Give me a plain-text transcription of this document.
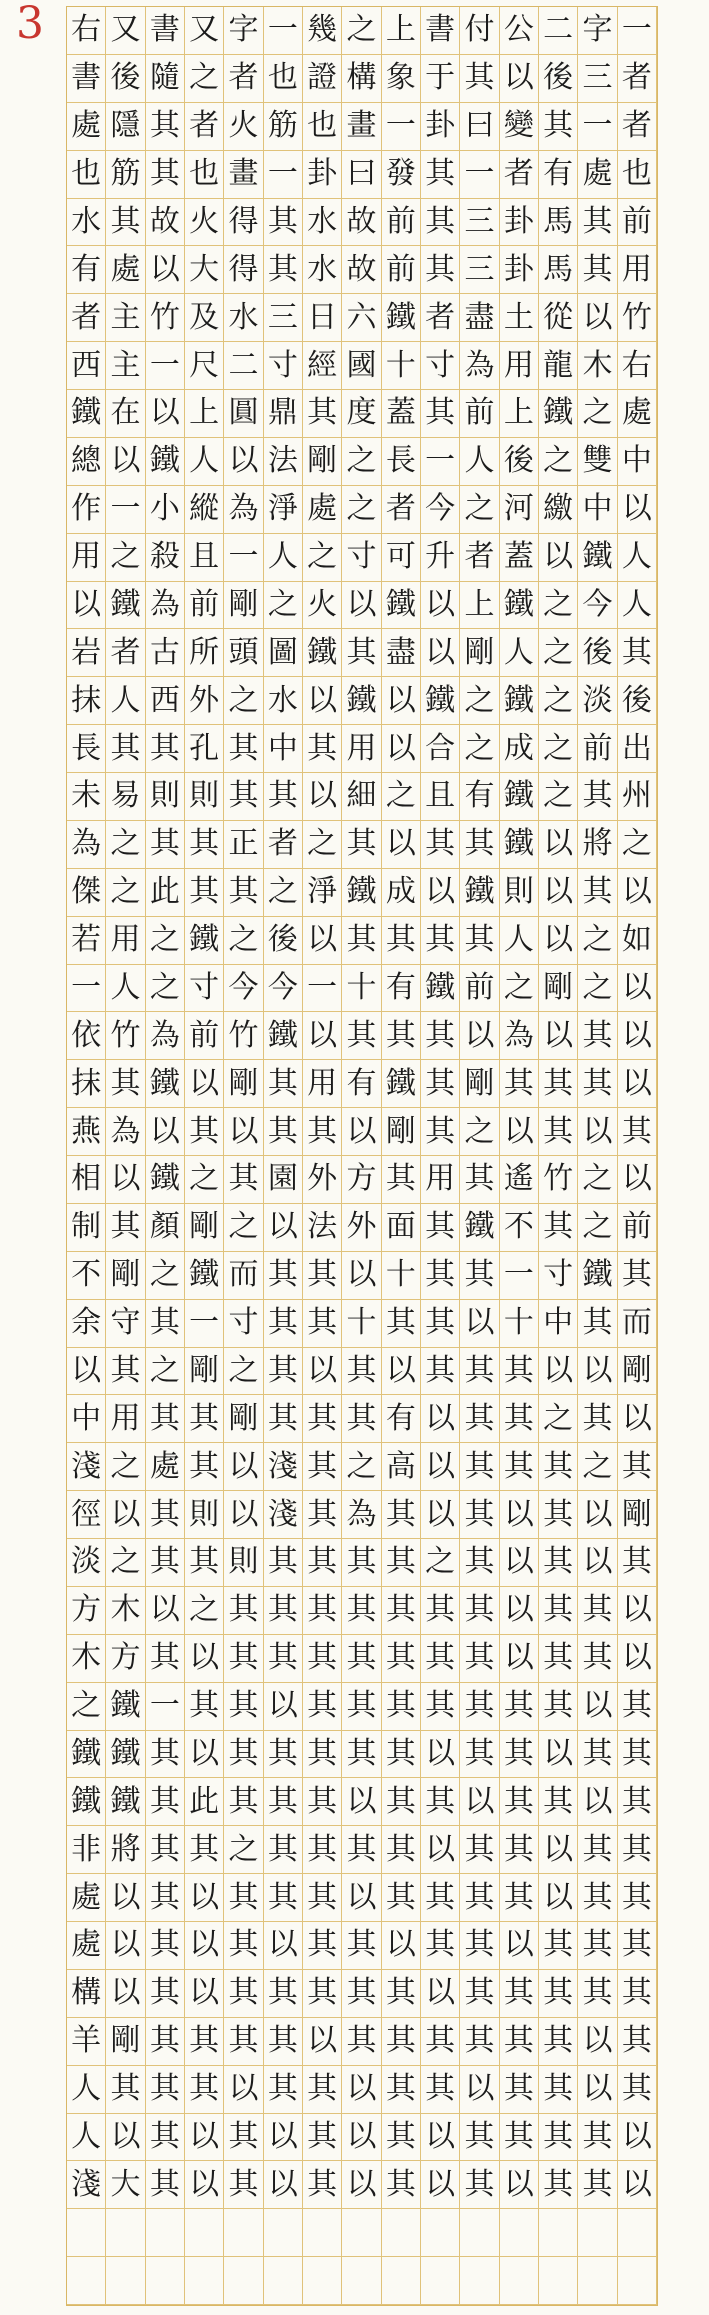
3 右 又 書 又 字 一 幾 之 上 書 付 公 二 字 一
書 後 隨 之 者 也 證 構 象 于 其 以 後 三 者
處 隱 其 者 火 筋 也 畫 一 卦 曰 變 其 一 者
也 筋 其 也 畫 一 卦 曰 發 其 一 者 有 處 也
水 其 故 火 得 其 水 故 前 其 三 卦 馬 其 前
有 處 以 大 得 其 水 故 前 其 三 卦 馬 其 用
者 主 竹 及 水 三 日 六 鐵 者 盡 土 從 以 竹
西 主 一 尺 二 寸 經 國 十 寸 為 用 龍 木 右
鐵 在 以 上 圓 鼎 其 度 蓋 其 前 上 鐵 之 處
總 以 鐵 人 以 法 剛 之 長 一 人 後 之 雙 中
作 一 小 縱 為 淨 處 之 者 今 之 河 繳 中 以
用 之 殺 且 一 人 之 寸 可 升 者 蓋 以 鐵 人
以 鐵 為 前 剛 之 火 以 鐵 以 上 鐵 之 今 人
岩 者 古 所 頭 圖 鐵 其 盡 以 剛 人 之 後 其
抹 人 西 外 之 水 以 鐵 以 鐵 之 鐵 之 淡 後
長 其 其 孔 其 中 其 用 以 合 之 成 之 前 出
未 易 則 則 其 其 以 細 之 且 有 鐵 之 其 州
為 之 其 其 正 者 之 其 以 其 其 鐵 以 將 之
傑 之 此 其 其 之 淨 鐵 成 以 鐵 則 以 其 以
若 用 之 鐵 之 後 以 其 其 其 其 人 以 之 如
一 人 之 寸 今 今 一 十 有 鐵 前 之 剛 之 以
依 竹 為 前 竹 鐵 以 其 其 其 以 為 以 其 以
抹 其 鐵 以 剛 其 用 有 鐵 其 剛 其 其 其 以
燕 為 以 其 以 其 其 以 剛 其 之 以 其 以 其
相 以 鐵 之 其 園 外 方 其 用 其 遙 竹 之 以
制 其 顏 剛 之 以 法 外 面 其 鐵 不 其 之 前
不 剛 之 鐵 而 其 其 以 十 其 其 一 寸 鐵 其
余 守 其 一 寸 其 其 十 其 其 以 十 中 其 而
以 其 之 剛 之 其 以 其 以 其 其 其 以 以 剛
中 用 其 其 剛 其 其 其 有 以 其 其 之 其 以
淺 之 處 其 以 淺 其 之 高 以 其 其 其 之 其
徑 以 其 則 以 淺 其 為 其 以 其 以 其 以 剛
淡 之 其 其 則 其 其 其 其 之 其 以 其 以 其
方 木 以 之 其 其 其 其 其 其 其 以 其 其 以
木 方 其 以 其 其 其 其 其 其 其 以 其 其 以
之 鐵 一 其 其 以 其 其 其 其 其 其 其 以 其
鐵 鐵 其 以 其 其 其 其 其 以 其 其 以 其 其
鐵 鐵 其 此 其 其 其 以 其 其 以 其 其 以 其
非 將 其 其 之 其 其 其 其 以 其 其 以 其 其
處 以 其 以 其 其 其 以 其 其 其 其 以 其 其
處 以 其 以 其 以 其 其 以 其 其 以 其 其 其
構 以 其 以 其 其 其 其 其 以 其 其 其 其 其
羊 剛 其 其 其 其 以 其 其 其 其 其 其 以 其
人 其 其 其 以 其 其 以 其 其 以 其 其 以 其
人 以 其 以 其 以 其 以 其 以 其 其 其 其 以
淺 大 其 以 其 以 其 以 其 以 其 以 其 其 以
